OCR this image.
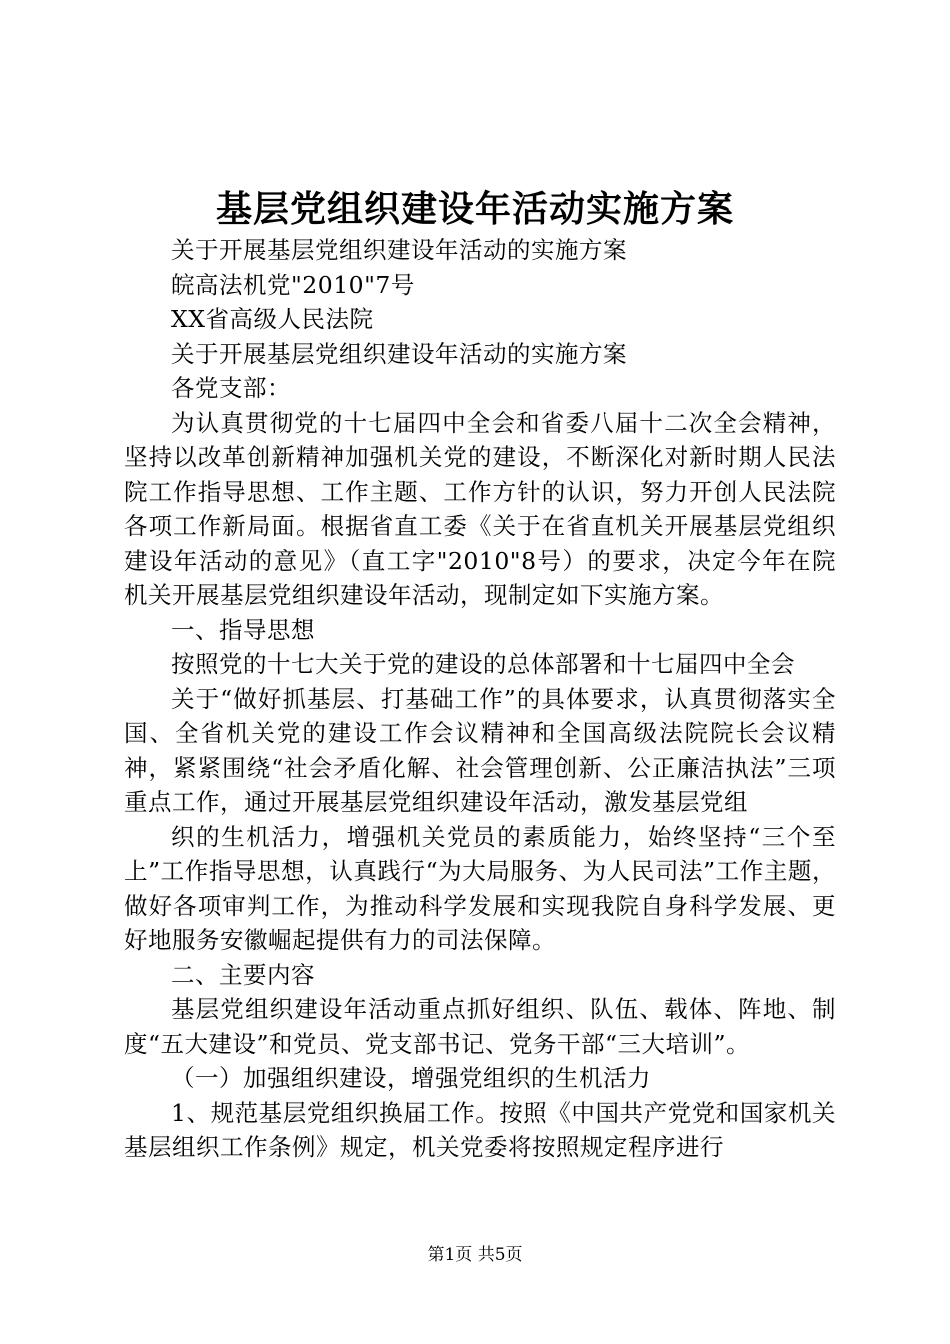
基层党组织建设年活动实施方案

关于开展基层党组织建设年活动的实施方案

皖高法机党"2010"7号

XX省高级人民法院

关于开展基层党组织建设年活动的实施方案

各党支部：

为认真贯彻党的十七届四中全会和省委八届十二次全会精神，坚持以改革创新精神加强机关党的建设，不断深化对新时期人民法院工作指导思想、工作主题、工作方针的认识，努力开创人民法院各项工作新局面。根据省直工委《关于在省直机关开展基层党组织建设年活动的意见》（直工字"2010"8号）的要求，决定今年在院机关开展基层党组织建设年活动，现制定如下实施方案。

一、指导思想

按照党的十七大关于党的建设的总体部署和十七届四中全会

关于“做好抓基层、打基础工作”的具体要求，认真贯彻落实全国、全省机关党的建设工作会议精神和全国高级法院院长会议精神，紧紧围绕“社会矛盾化解、社会管理创新、公正廉洁执法”三项重点工作，通过开展基层党组织建设年活动，激发基层党组

织的生机活力，增强机关党员的素质能力，始终坚持“三个至上”工作指导思想，认真践行“为大局服务、为人民司法”工作主题，做好各项审判工作，为推动科学发展和实现我院自身科学发展、更好地服务安徽崛起提供有力的司法保障。

二、主要内容

基层党组织建设年活动重点抓好组织、队伍、载体、阵地、制度“五大建设”和党员、党支部书记、党务干部“三大培训”。

（一）加强组织建设，增强党组织的生机活力

1、规范基层党组织换届工作。按照《中国共产党党和国家机关基层组织工作条例》规定，机关党委将按照规定程序进行

第1页 共5页
